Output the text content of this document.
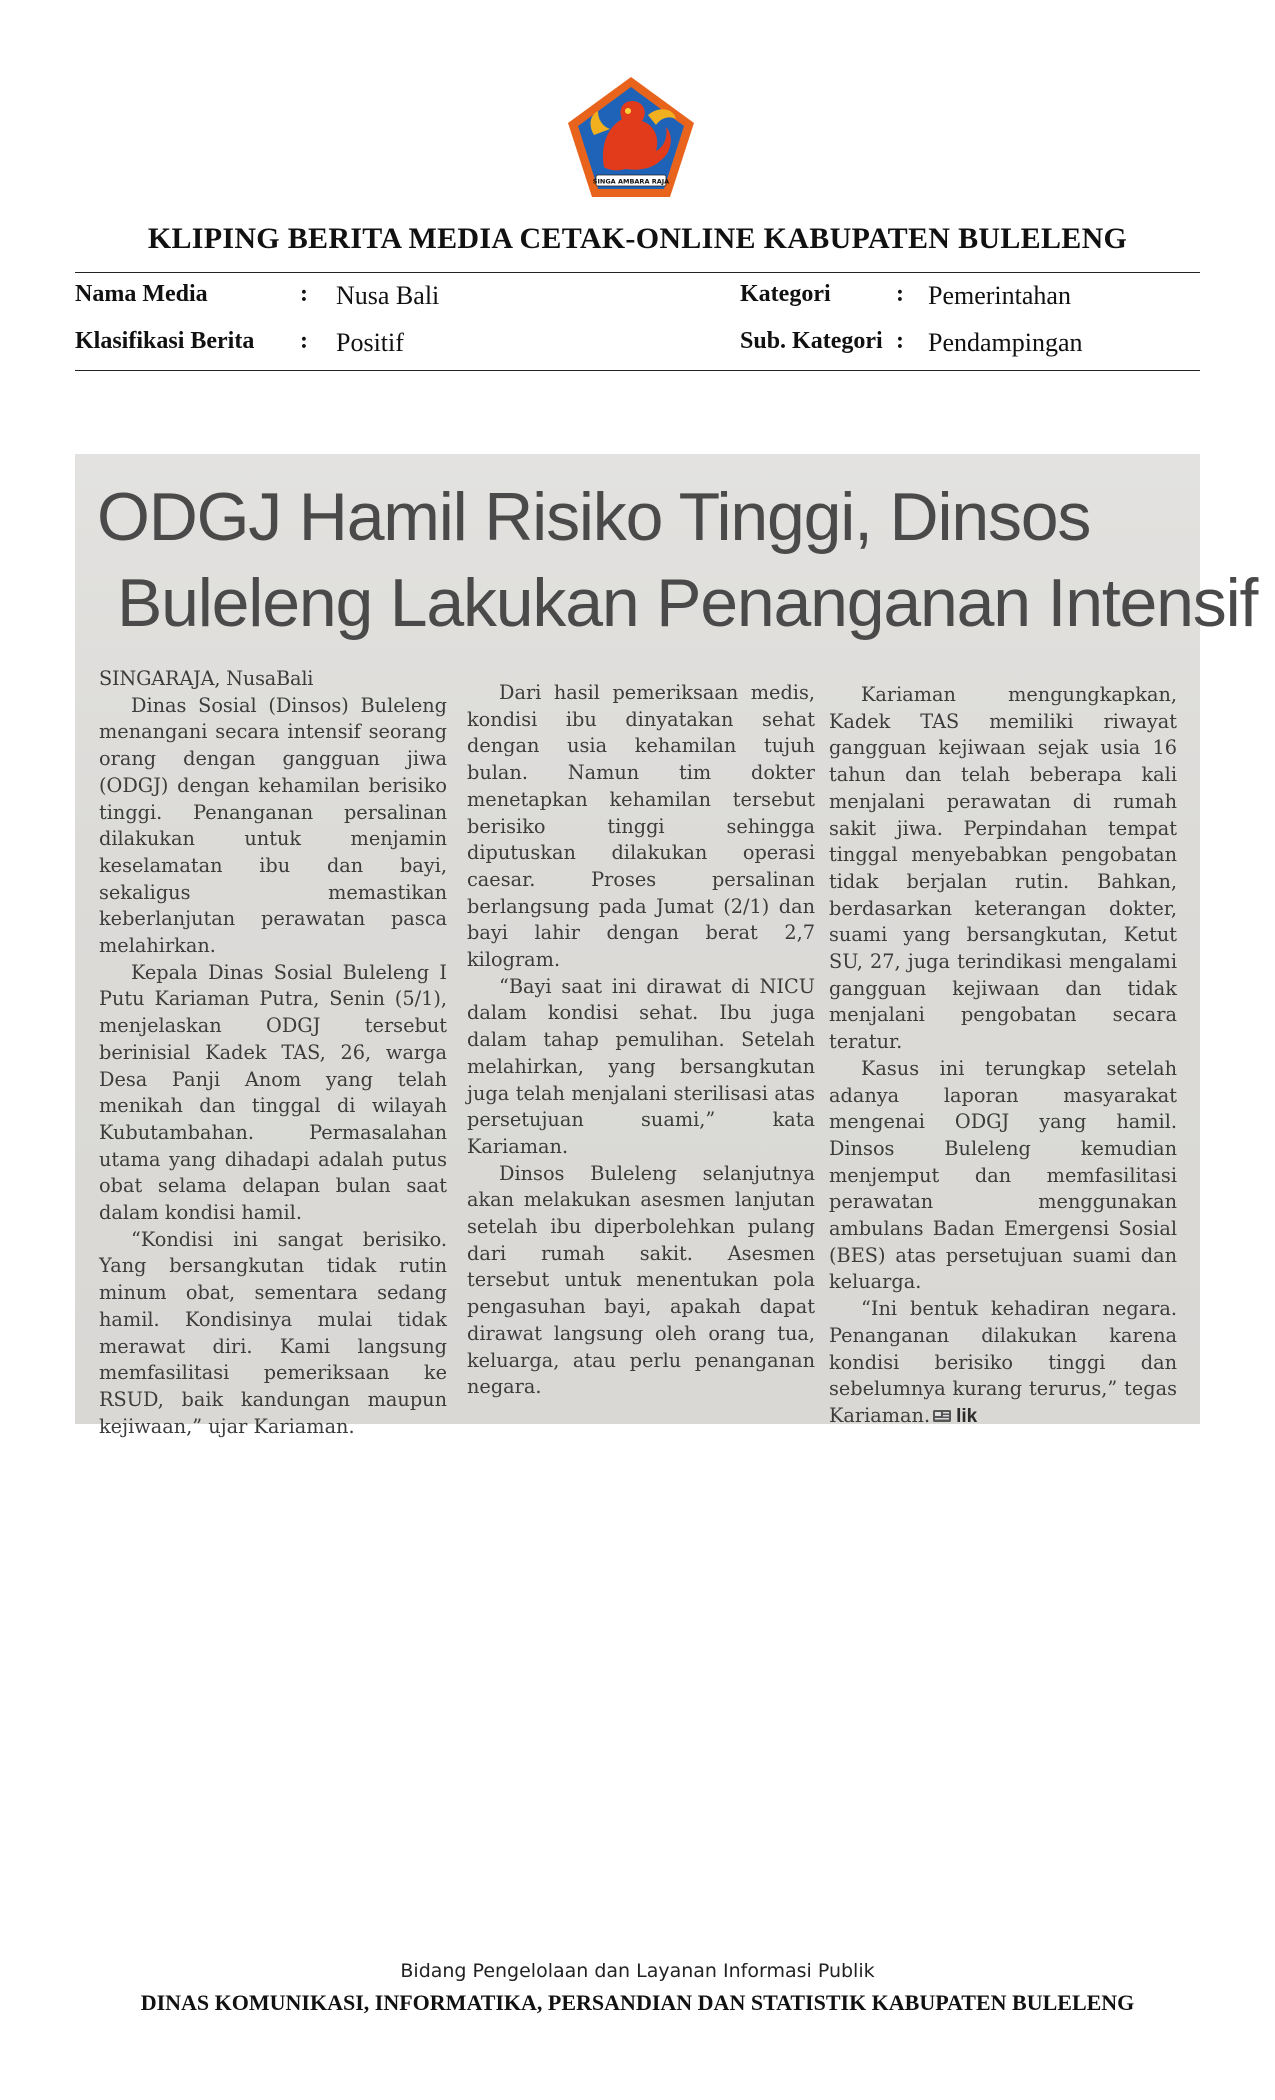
SINGA AMBARA RAJA
KLIPING BERITA MEDIA CETAK-ONLINE KABUPATEN BULELENG
Nama Media	: Nusa Bali	Kategori	: Pemerintahan
Klasifikasi Berita : Positif	Sub. Kategori : Pendampingan
ODGJ Hamil Risiko Tinggi, Dinsos
Buleleng Lakukan Penanganan Intensif

SINGARAJA, NusaBali

Dinas Sosial (Dinsos) Buleleng menangani secara intensif seorang orang dengan gangguan jiwa (ODGJ) dengan kehamilan berisiko tinggi. Penanganan persalinan dilakukan untuk menjamin keselamatan ibu dan bayi, sekaligus memastikan keberlanjutan perawatan pasca melahirkan.

Kepala Dinas Sosial Buleleng I Putu Kariaman Putra, Senin (5/1), menjelaskan ODGJ tersebut berinisial Kadek TAS, 26, warga Desa Panji Anom yang telah menikah dan tinggal di wilayah Kubutambahan. Permasalahan utama yang dihadapi adalah putus obat selama delapan bulan saat dalam kondisi hamil.

“Kondisi ini sangat berisiko. Yang bersangkutan tidak rutin minum obat, sementara sedang hamil. Kondisinya mulai tidak merawat diri. Kami langsung memfasilitasi pemeriksaan ke RSUD, baik kandungan maupun kejiwaan,” ujar Kariaman.

Dari hasil pemeriksaan medis, kondisi ibu dinyatakan sehat dengan usia kehamilan tujuh bulan. Namun tim dokter menetapkan kehamilan tersebut berisiko tinggi sehingga diputuskan dilakukan operasi caesar. Proses persalinan berlangsung pada Jumat (2/1) dan bayi lahir dengan berat 2,7 kilogram.

“Bayi saat ini dirawat di NICU dalam kondisi sehat. Ibu juga dalam tahap pemulihan. Setelah melahirkan, yang bersangkutan juga telah menjalani sterilisasi atas persetujuan suami,” kata Kariaman.

Dinsos Buleleng selanjutnya akan melakukan asesmen lanjutan setelah ibu diperbolehkan pulang dari rumah sakit. Asesmen tersebut untuk menentukan pola pengasuhan bayi, apakah dapat dirawat langsung oleh orang tua, keluarga, atau perlu penanganan negara.

Kariaman mengungkapkan, Kadek TAS memiliki riwayat gangguan kejiwaan sejak usia 16 tahun dan telah beberapa kali menjalani perawatan di rumah sakit jiwa. Perpindahan tempat tinggal menyebabkan pengobatan tidak berjalan rutin. Bahkan, berdasarkan keterangan dokter, suami yang bersangkutan, Ketut SU, 27, juga terindikasi mengalami gangguan kejiwaan dan tidak menjalani pengobatan secara teratur.

Kasus ini terungkap setelah adanya laporan masyarakat mengenai ODGJ yang hamil. Dinsos Buleleng kemudian menjemput dan memfasilitasi perawatan menggunakan ambulans Badan Emergensi Sosial (BES) atas persetujuan suami dan keluarga.

“Ini bentuk kehadiran negara. Penanganan dilakukan karena kondisi berisiko tinggi dan sebelumnya kurang terurus,” tegas Kariaman. lik

Bidang Pengelolaan dan Layanan Informasi Publik
DINAS KOMUNIKASI, INFORMATIKA, PERSANDIAN DAN STATISTIK KABUPATEN BULELENG
